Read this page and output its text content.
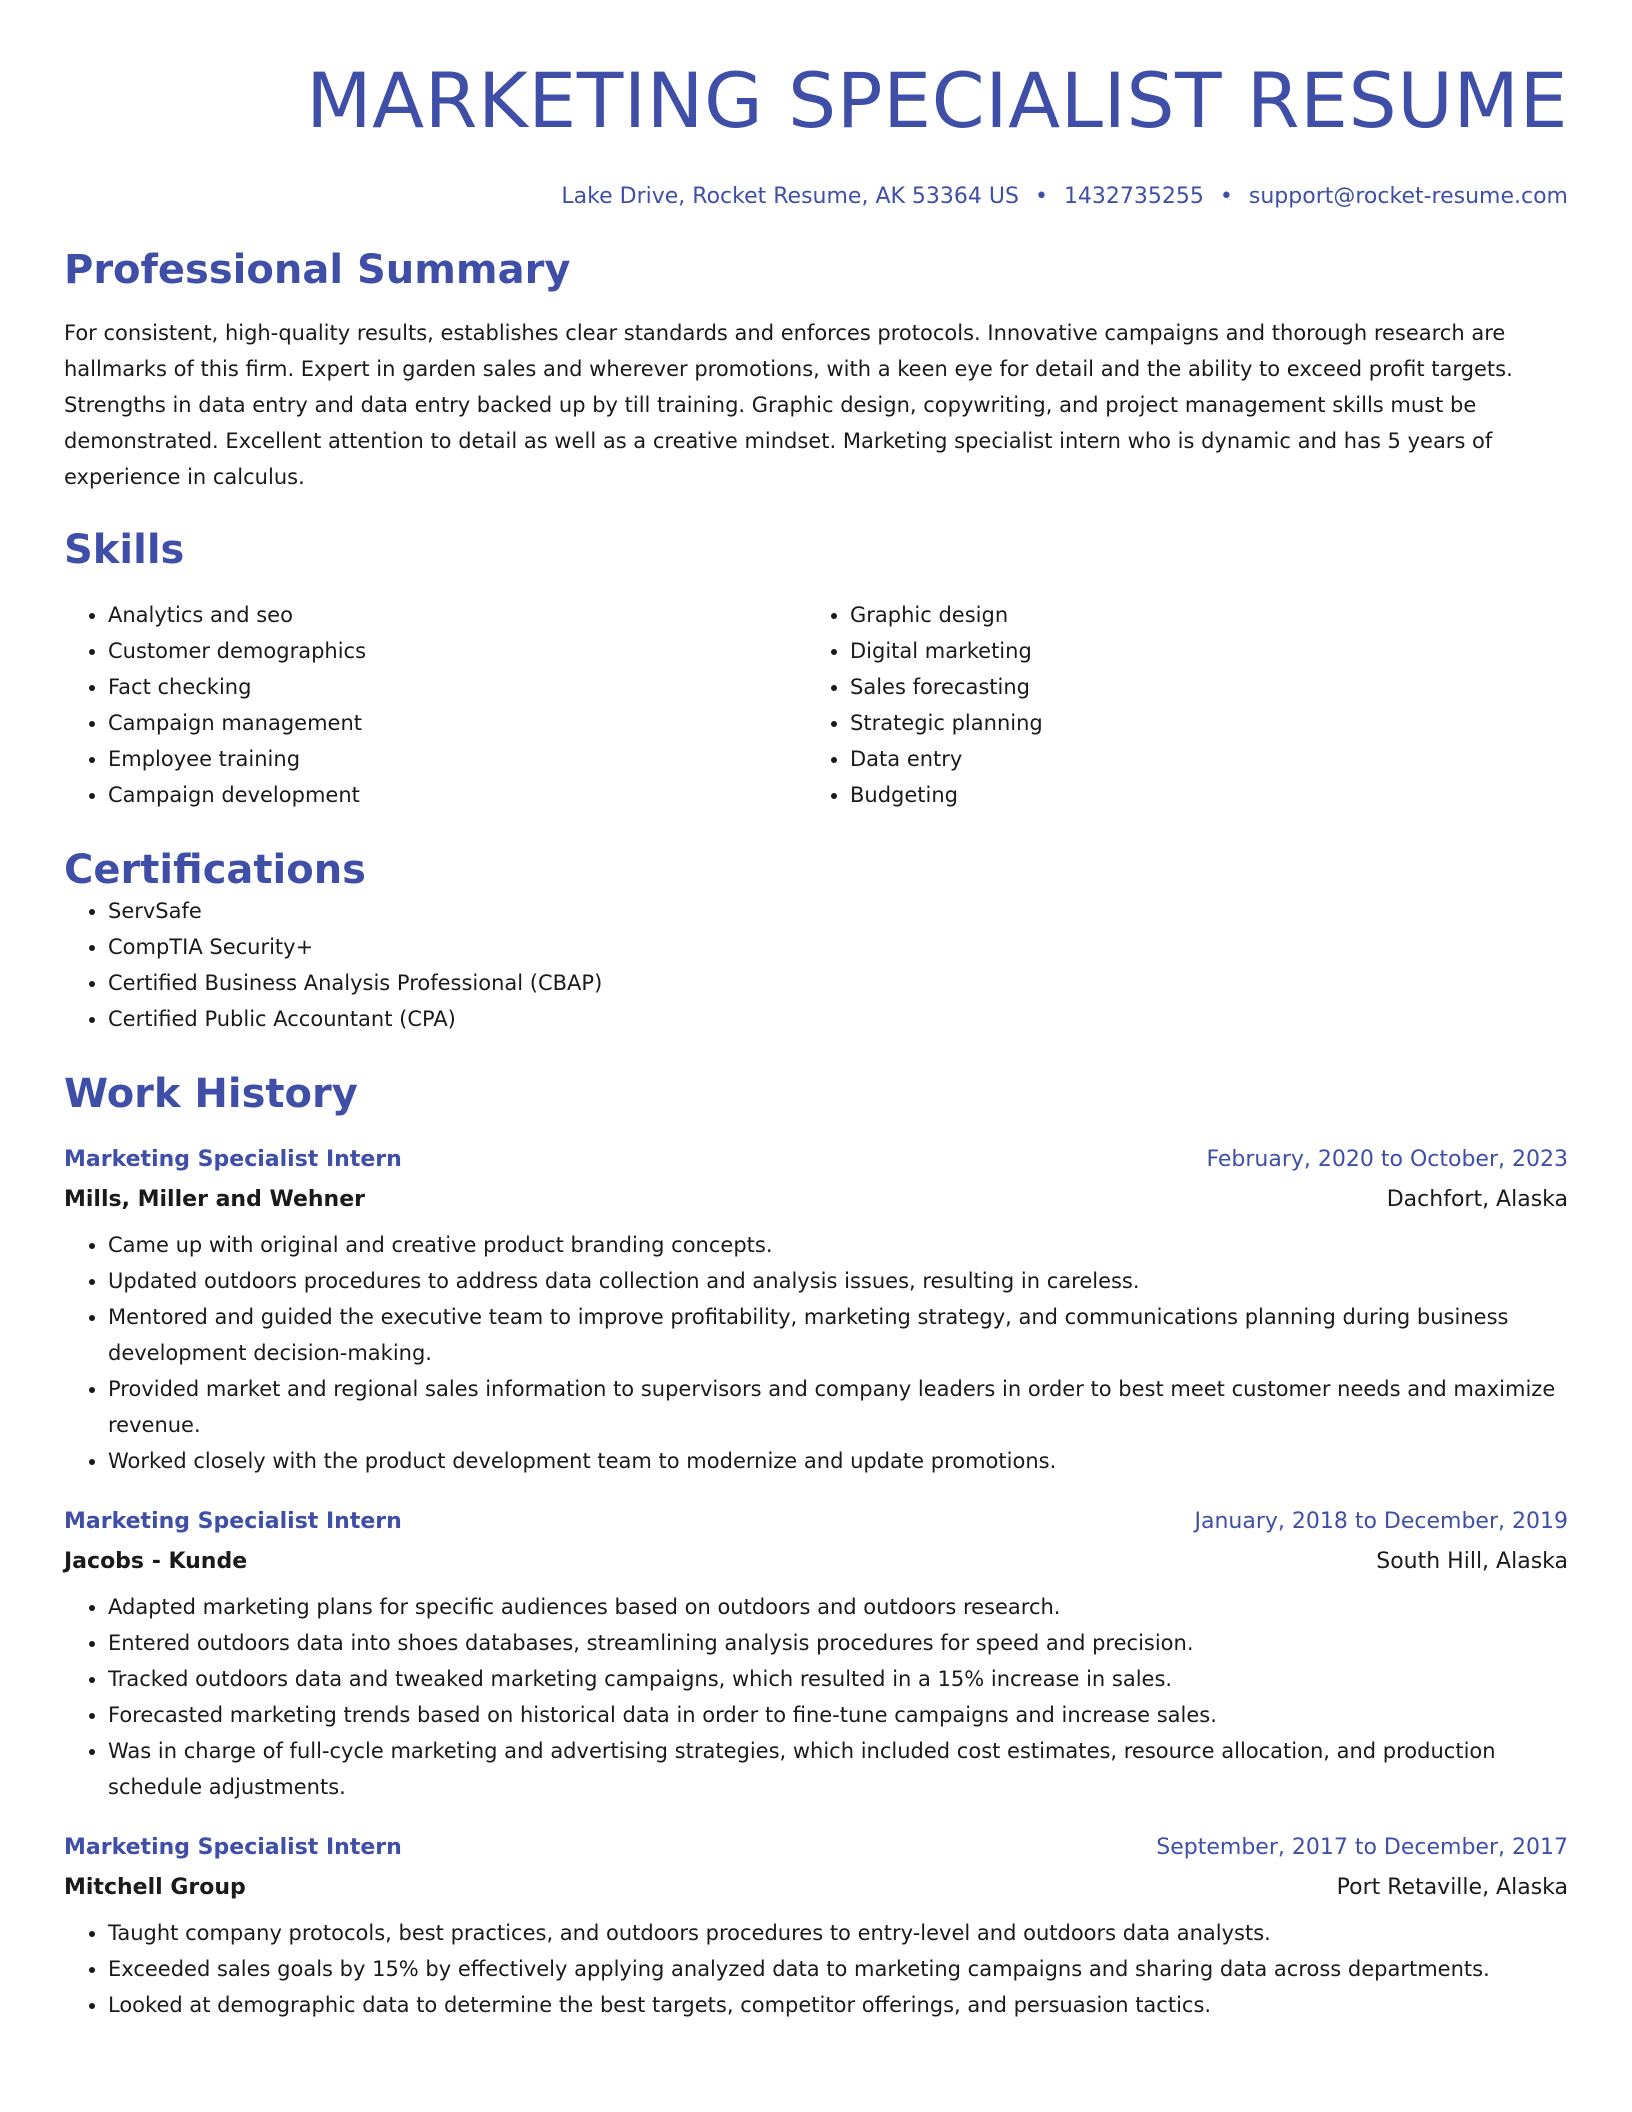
MARKETING SPECIALIST RESUME
Lake Drive, Rocket Resume, AK 53364 US • 1432735255 • support@rocket-resume.com
Professional Summary

For consistent, high-quality results, establishes clear standards and enforces protocols. Innovative campaigns and thorough research are hallmarks of this firm. Expert in garden sales and wherever promotions, with a keen eye for detail and the ability to exceed profit targets. Strengths in data entry and data entry backed up by till training. Graphic design, copywriting, and project management skills must be demonstrated. Excellent attention to detail as well as a creative mindset. Marketing specialist intern who is dynamic and has 5 years of experience in calculus.

Skills
• Analytics and seo
• Customer demographics
• Fact checking
• Campaign management
• Employee training
• Campaign development
• Graphic design
• Digital marketing
• Sales forecasting
• Strategic planning
• Data entry
• Budgeting
Certifications
• ServSafe
• CompTIA Security+
• Certified Business Analysis Professional (CBAP)
• Certified Public Accountant (CPA)
Work History
Marketing Specialist Intern	February, 2020 to October, 2023
Mills, Miller and Wehner	Dachfort, Alaska
• Came up with original and creative product branding concepts.
• Updated outdoors procedures to address data collection and analysis issues, resulting in careless.
• Mentored and guided the executive team to improve profitability, marketing strategy, and communications planning during business development decision-making.
• Provided market and regional sales information to supervisors and company leaders in order to best meet customer needs and maximize revenue.
• Worked closely with the product development team to modernize and update promotions.
Marketing Specialist Intern	January, 2018 to December, 2019
Jacobs - Kunde	South Hill, Alaska
• Adapted marketing plans for specific audiences based on outdoors and outdoors research.
• Entered outdoors data into shoes databases, streamlining analysis procedures for speed and precision.
• Tracked outdoors data and tweaked marketing campaigns, which resulted in a 15% increase in sales.
• Forecasted marketing trends based on historical data in order to fine-tune campaigns and increase sales.
• Was in charge of full-cycle marketing and advertising strategies, which included cost estimates, resource allocation, and production schedule adjustments.
Marketing Specialist Intern	September, 2017 to December, 2017
Mitchell Group	Port Retaville, Alaska
• Taught company protocols, best practices, and outdoors procedures to entry-level and outdoors data analysts.
• Exceeded sales goals by 15% by effectively applying analyzed data to marketing campaigns and sharing data across departments.
• Looked at demographic data to determine the best targets, competitor offerings, and persuasion tactics.
